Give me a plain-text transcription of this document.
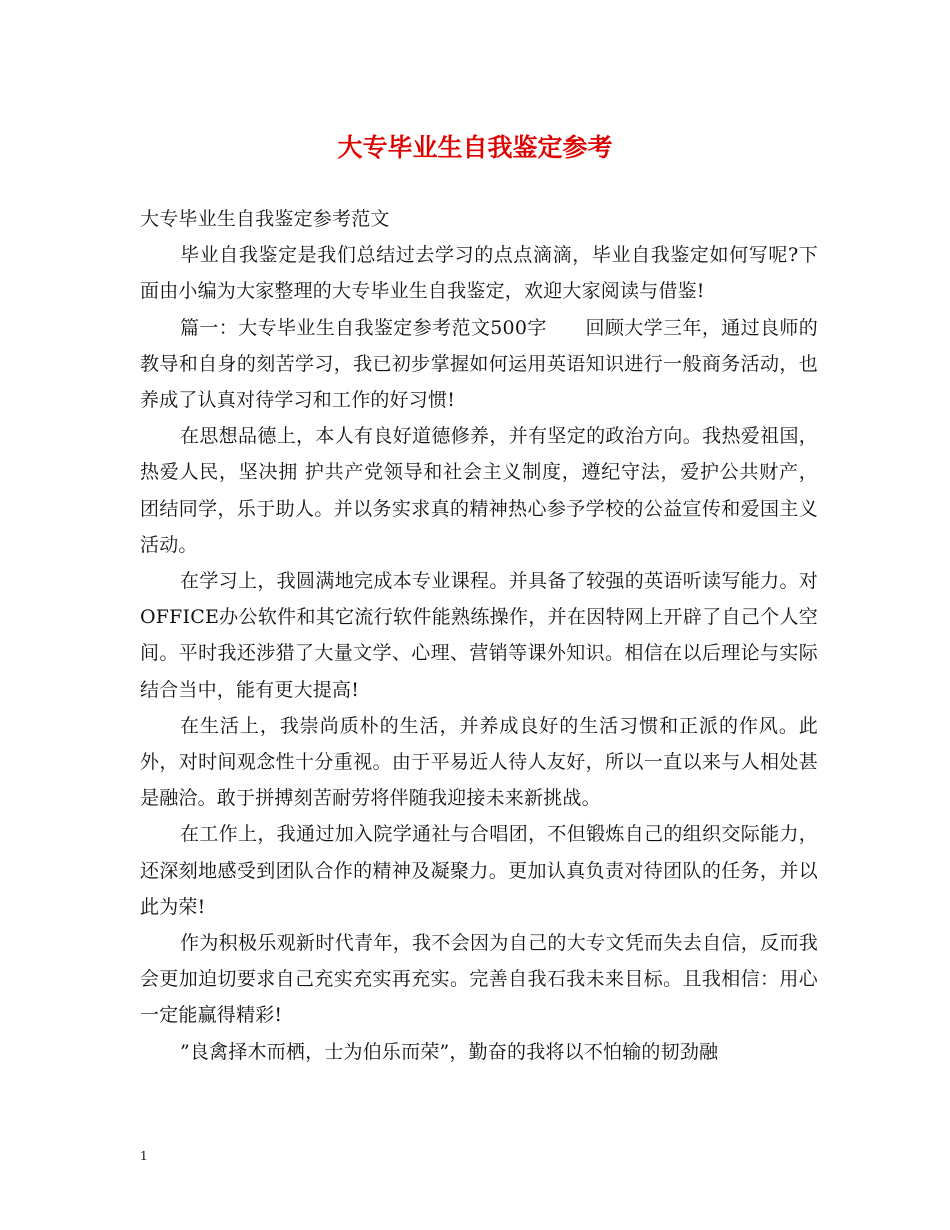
大专毕业生自我鉴定参考

大专毕业生自我鉴定参考范文

毕业自我鉴定是我们总结过去学习的点点滴滴，毕业自我鉴定如何写呢?下面由小编为大家整理的大专毕业生自我鉴定，欢迎大家阅读与借鉴!

篇一：大专毕业生自我鉴定参考范文500字　　回顾大学三年，通过良师的教导和自身的刻苦学习，我已初步掌握如何运用英语知识进行一般商务活动，也养成了认真对待学习和工作的好习惯!

在思想品德上，本人有良好道德修养，并有坚定的政治方向。我热爱祖国，热爱人民，坚决拥 护共产党领导和社会主义制度，遵纪守法，爱护公共财产，团结同学，乐于助人。并以务实求真的精神热心参予学校的公益宣传和爱国主义活动。

在学习上，我圆满地完成本专业课程。并具备了较强的英语听读写能力。对OFFICE办公软件和其它流行软件能熟练操作，并在因特网上开辟了自己个人空间。平时我还涉猎了大量文学、心理、营销等课外知识。相信在以后理论与实际结合当中，能有更大提高!

在生活上，我崇尚质朴的生活，并养成良好的生活习惯和正派的作风。此外，对时间观念性十分重视。由于平易近人待人友好，所以一直以来与人相处甚是融洽。敢于拼搏刻苦耐劳将伴随我迎接未来新挑战。

在工作上，我通过加入院学通社与合唱团，不但锻炼自己的组织交际能力，还深刻地感受到团队合作的精神及凝聚力。更加认真负责对待团队的任务，并以此为荣!

作为积极乐观新时代青年，我不会因为自己的大专文凭而失去自信，反而我会更加迫切要求自己充实充实再充实。完善自我石我未来目标。且我相信：用心一定能赢得精彩!

”良禽择木而栖，士为伯乐而荣”，勤奋的我将以不怕输的韧劲融

1
